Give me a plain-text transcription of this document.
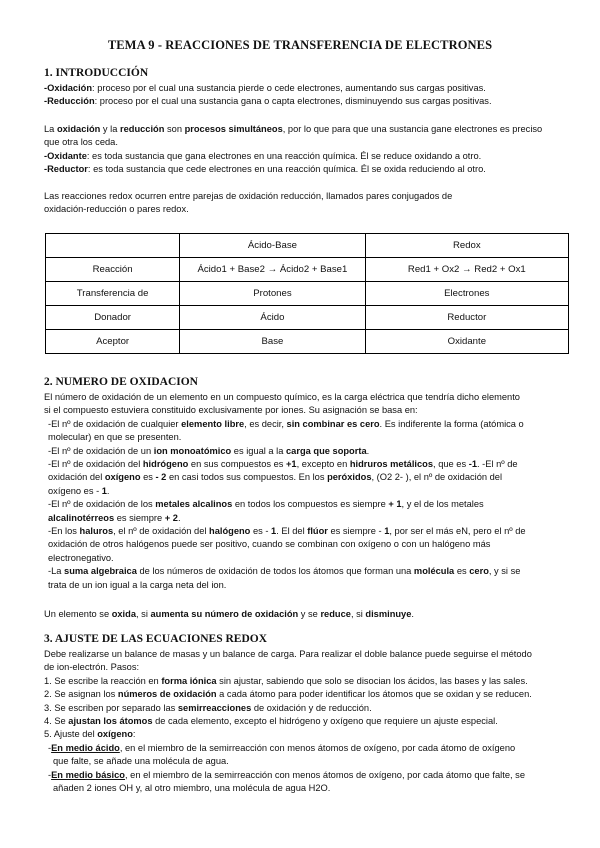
TEMA 9 - REACCIONES DE TRANSFERENCIA DE ELECTRONES
1. INTRODUCCIÓN
-Oxidación: proceso por el cual una sustancia pierde o cede electrones, aumentando sus cargas positivas.
-Reducción: proceso por el cual una sustancia gana o capta electrones, disminuyendo sus cargas positivas.
La oxidación y la reducción son procesos simultáneos, por lo que para que una sustancia gane electrones es preciso
que otra los ceda.
-Oxidante: es toda sustancia que gana electrones en una reacción química. Él se reduce oxidando a otro.
-Reductor: es toda sustancia que cede electrones en una reacción química. Él se oxida reduciendo al otro.
Las reacciones redox ocurren entre parejas de oxidación reducción, llamados pares conjugados de
oxidación-reducción o pares redox.
	Ácido-Base	Redox
Reacción	Ácido1 + Base2 → Ácido2 + Base1	Red1 + Ox2 → Red2 + Ox1
Transferencia de	Protones	Electrones
Donador	Ácido	Reductor
Aceptor	Base	Oxidante
2. NUMERO DE OXIDACION
El número de oxidación de un elemento en un compuesto químico, es la carga eléctrica que tendría dicho elemento
si el compuesto estuviera constituido exclusivamente por iones. Su asignación se basa en:
-El nº de oxidación de cualquier elemento libre, es decir, sin combinar es cero. Es indiferente la forma (atómica o
molecular) en que se presenten.
-El nº de oxidación de un ion monoatómico es igual a la carga que soporta.
-El nº de oxidación del hidrógeno en sus compuestos es +1, excepto en hidruros metálicos, que es -1. -El nº de
oxidación del oxígeno es - 2 en casi todos sus compuestos. En los peróxidos, (O2 2- ), el nº de oxidación del
oxígeno es - 1.
-El nº de oxidación de los metales alcalinos en todos los compuestos es siempre + 1, y el de los metales
alcalinotérreos es siempre + 2.
-En los haluros, el nº de oxidación del halógeno es - 1. El del flúor es siempre - 1, por ser el más eN, pero el nº de
oxidación de otros halógenos puede ser positivo, cuando se combinan con oxígeno o con un halógeno más
electronegativo.
-La suma algebraica de los números de oxidación de todos los átomos que forman una molécula es cero, y si se
trata de un ion igual a la carga neta del ion.
Un elemento se oxida, si aumenta su número de oxidación y se reduce, si disminuye.
3. AJUSTE DE LAS ECUACIONES REDOX
Debe realizarse un balance de masas y un balance de carga. Para realizar el doble balance puede seguirse el método
de ion-electrón. Pasos:
1. Se escribe la reacción en forma iónica sin ajustar, sabiendo que solo se disocian los ácidos, las bases y las sales.
2. Se asignan los números de oxidación a cada átomo para poder identificar los átomos que se oxidan y se reducen.
3. Se escriben por separado las semirreacciones de oxidación y de reducción.
4. Se ajustan los átomos de cada elemento, excepto el hidrógeno y oxígeno que requiere un ajuste especial.
5. Ajuste del oxígeno:
-En medio ácido, en el miembro de la semirreacción con menos átomos de oxígeno, por cada átomo de oxígeno
que falte, se añade una molécula de agua.
-En medio básico, en el miembro de la semirreacción con menos átomos de oxígeno, por cada átomo que falte, se
añaden 2 iones OH y, al otro miembro, una molécula de agua H2O.
